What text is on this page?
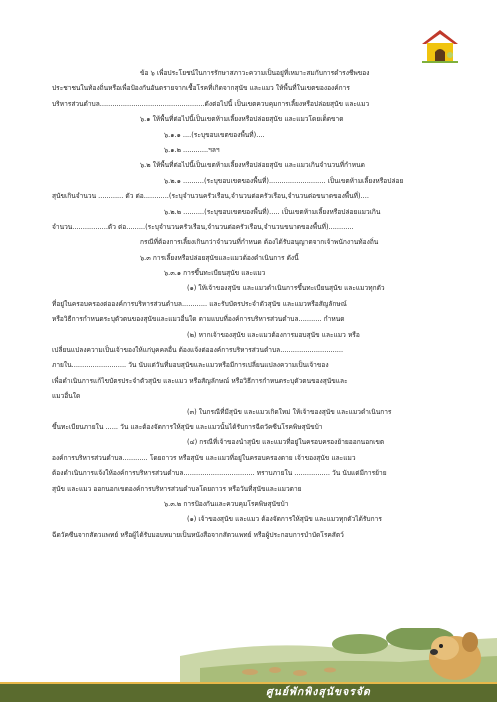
ข้อ ๖ เพื่อประโยชน์ในการรักษาสภาวะความเป็นอยู่ที่เหมาะสมกับการดำรงชีพของ
ประชาชนในท้องถิ่นหรือเพื่อป้องกันอันตรายจากเชื้อโรคที่เกิดจากสุนัข และแมว ให้พื้นที่ในเขตขององค์การ
บริหารส่วนตำบล..................................................ดังต่อไปนี้ เป็นเขตควบคุมการเลี้ยงหรือปล่อยสุนัข และแมว
๖.๑ ให้พื้นที่ต่อไปนี้เป็นเขตห้ามเลี้ยงหรือปล่อยสุนัข และแมวโดยเด็ดขาด
๖.๑.๑ ....(ระบุขอบเขตของพื้นที่)....
๖.๑.๒ ............ฯลฯ
๖.๒ ให้พื้นที่ต่อไปนี้เป็นเขตห้ามเลี้ยงหรือปล่อยสุนัข และแมวเกินจำนวนที่กำหนด
๖.๒.๑ ..........(ระบุขอบเขตของพื้นที่)........................... เป็นเขตห้ามเลี้ยงหรือปล่อย
สุนัขเกินจำนวน ............ ตัว ต่อ............(ระบุจำนวนครัวเรือน,จำนวนต่อครัวเรือน,จำนวนต่อขนาดของพื้นที่)....
๖.๒.๒ ..........(ระบุขอบเขตของพื้นที่)..... เป็นเขตห้ามเลี้ยงหรือปล่อยแมวเกิน
จำนวน.................ตัว ต่อ.........(ระบุจำนวนครัวเรือน,จำนวนต่อครัวเรือน,จำนวนขนาดของพื้นที่)............
กรณีที่ต้องการเลี้ยงเกินกว่าจำนวนที่กำหนด ต้องได้รับอนุญาตจากเจ้าพนักงานท้องถิ่น
๖.๓ การเลี้ยงหรือปล่อยสุนัขและแมวต้องดำเนินการ ดังนี้
๖.๓.๑ การขึ้นทะเบียนสุนัข และแมว
(๑) ให้เจ้าของสุนัข และแมวดำเนินการขึ้นทะเบียนสุนัข และแมวทุกตัว
ที่อยู่ในครอบครองต่อองค์การบริหารส่วนตำบล............ และรับบัตรประจำตัวสุนัข และแมวหรือสัญลักษณ์
หรือวิธีการกำหนดระบุตัวตนของสุนัขและแมวอื่นใด ตามแบบที่องค์การบริหารส่วนตำบล........... กำหนด
(๒) หากเจ้าของสุนัข และแมวต้องการมอบสุนัข และแมว หรือ
เปลี่ยนแปลงความเป็นเจ้าของให้แก่บุคคลอื่น ต้องแจ้งต่อองค์การบริหารส่วนตำบล..............................
ภายใน.......................... วัน นับแต่วันที่มอบสุนัขและแมวหรือมีการเปลี่ยนแปลงความเป็นเจ้าของ
เพื่อดำเนินการแก้ไขบัตรประจำตัวสุนัข และแมว หรือสัญลักษณ์ หรือวิธีการกำหนดระบุตัวตนของสุนัขและ
แมวอื่นใด
(๓) ในกรณีที่มีสุนัข และแมวเกิดใหม่ ให้เจ้าของสุนัข และแมวดำเนินการ
ขึ้นทะเบียนภายใน ...... วัน และต้องจัดการให้สุนัข และแมวนั้นได้รับการฉีดวัคซีนโรคพิษสุนัขบ้า
(๔) กรณีที่เจ้าของนำสุนัข และแมวที่อยู่ในครอบครองย้ายออกนอกเขต
องค์การบริหารส่วนตำบล............ โดยถาวร หรือสุนัข และแมวที่อยู่ในครอบครองตาย เจ้าของสุนัข และแมว
ต้องดำเนินการแจ้งให้องค์การบริหารส่วนตำบล.................................. ทราบภายใน ................. วัน นับแต่มีการย้าย
สุนัข และแมว ออกนอกเขตองค์การบริหารส่วนตำบลโดยถาวร หรือวันที่สุนัขและแมวตาย
๖.๓.๒ การป้องกันและควบคุมโรคพิษสุนัขบ้า
(๑) เจ้าของสุนัข และแมว ต้องจัดการให้สุนัข และแมวทุกตัวได้รับการ
ฉีดวัคซีนจากสัตวแพทย์ หรือผู้ได้รับมอบหมายเป็นหนังสือจากสัตวแพทย์ หรือผู้ประกอบการบำบัดโรคสัตว์
ศูนย์พักพิงสุนัขจรจัด
